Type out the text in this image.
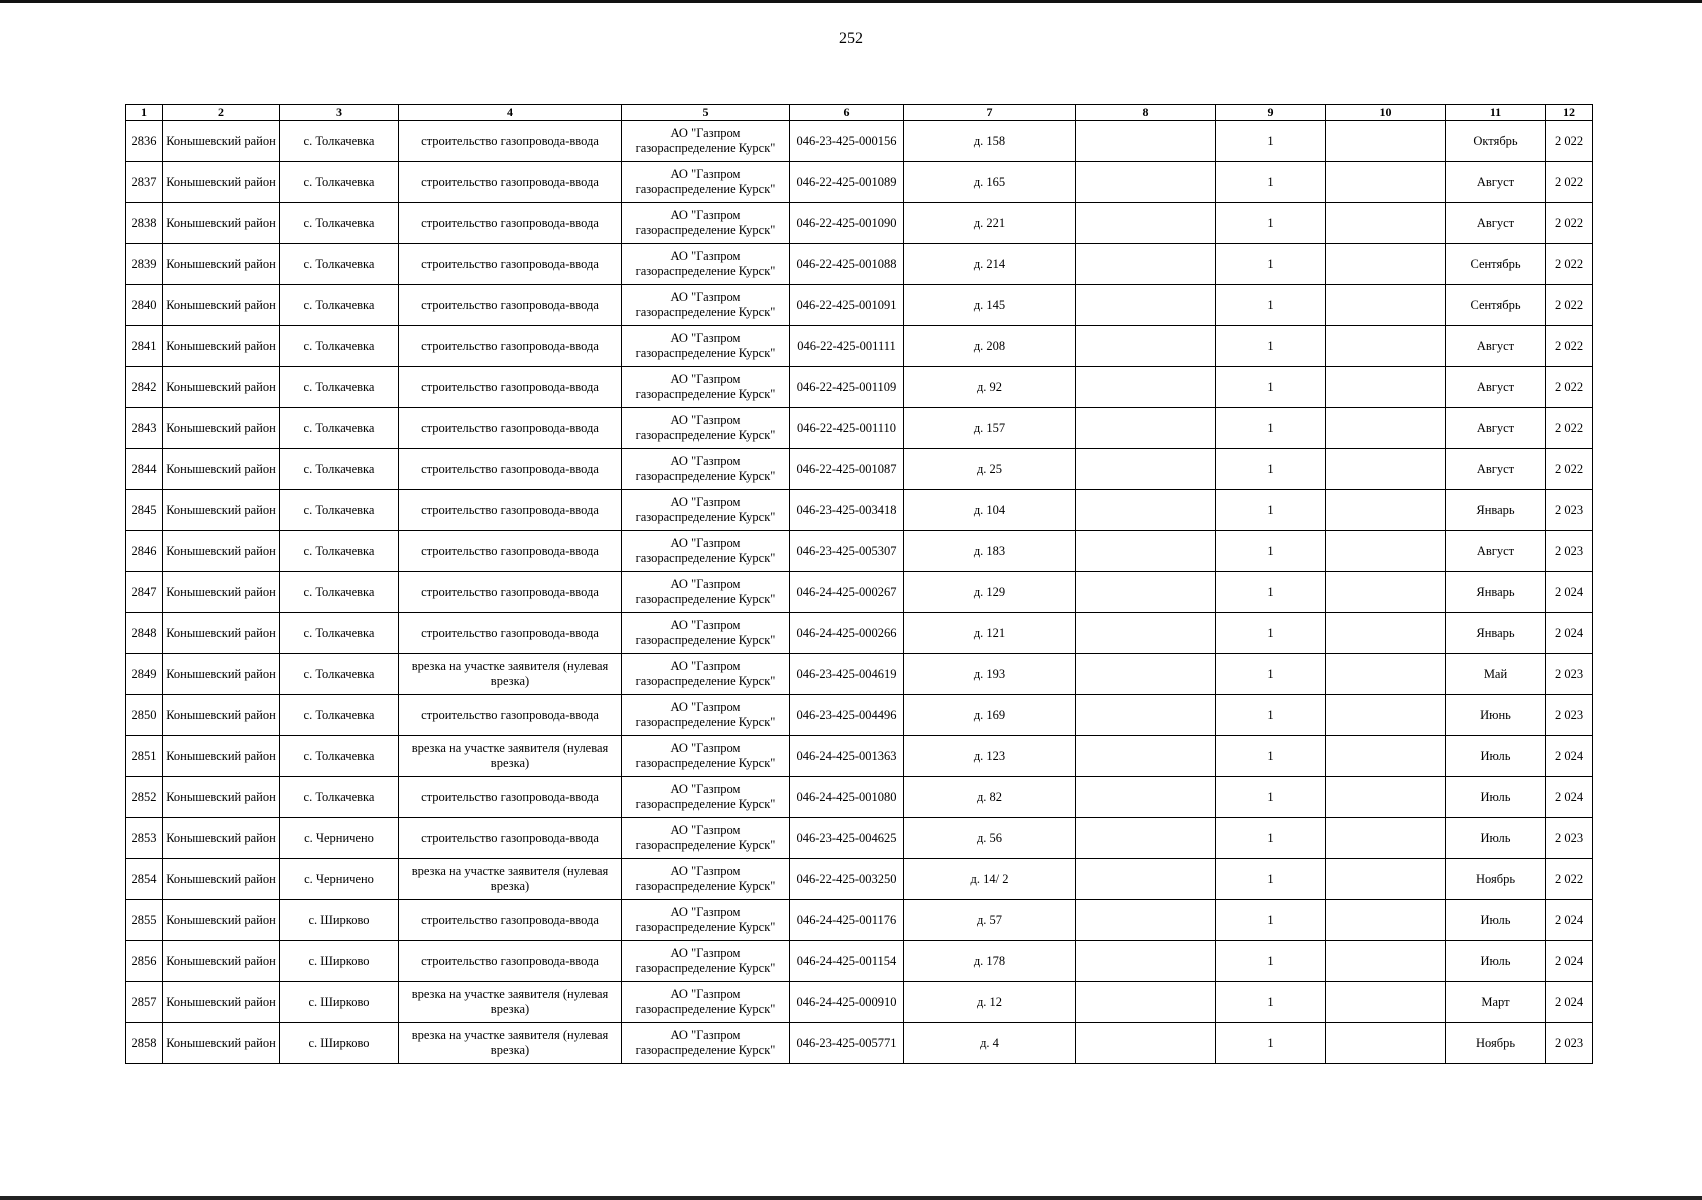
252
1	2	3	4	5	6	7	8	9	10	11	12
2836	Конышевский район	с. Толкачевка	строительство газопровода-ввода	АО "Газпром газораспределение Курск"	046-23-425-000156	д. 158		1		Октябрь	2 022
2837	Конышевский район	с. Толкачевка	строительство газопровода-ввода	АО "Газпром газораспределение Курск"	046-22-425-001089	д. 165		1		Август	2 022
2838	Конышевский район	с. Толкачевка	строительство газопровода-ввода	АО "Газпром газораспределение Курск"	046-22-425-001090	д. 221		1		Август	2 022
2839	Конышевский район	с. Толкачевка	строительство газопровода-ввода	АО "Газпром газораспределение Курск"	046-22-425-001088	д. 214		1		Сентябрь	2 022
2840	Конышевский район	с. Толкачевка	строительство газопровода-ввода	АО "Газпром газораспределение Курск"	046-22-425-001091	д. 145		1		Сентябрь	2 022
2841	Конышевский район	с. Толкачевка	строительство газопровода-ввода	АО "Газпром газораспределение Курск"	046-22-425-001111	д. 208		1		Август	2 022
2842	Конышевский район	с. Толкачевка	строительство газопровода-ввода	АО "Газпром газораспределение Курск"	046-22-425-001109	д. 92		1		Август	2 022
2843	Конышевский район	с. Толкачевка	строительство газопровода-ввода	АО "Газпром газораспределение Курск"	046-22-425-001110	д. 157		1		Август	2 022
2844	Конышевский район	с. Толкачевка	строительство газопровода-ввода	АО "Газпром газораспределение Курск"	046-22-425-001087	д. 25		1		Август	2 022
2845	Конышевский район	с. Толкачевка	строительство газопровода-ввода	АО "Газпром газораспределение Курск"	046-23-425-003418	д. 104		1		Январь	2 023
2846	Конышевский район	с. Толкачевка	строительство газопровода-ввода	АО "Газпром газораспределение Курск"	046-23-425-005307	д. 183		1		Август	2 023
2847	Конышевский район	с. Толкачевка	строительство газопровода-ввода	АО "Газпром газораспределение Курск"	046-24-425-000267	д. 129		1		Январь	2 024
2848	Конышевский район	с. Толкачевка	строительство газопровода-ввода	АО "Газпром газораспределение Курск"	046-24-425-000266	д. 121		1		Январь	2 024
2849	Конышевский район	с. Толкачевка	врезка на участке заявителя (нулевая врезка)	АО "Газпром газораспределение Курск"	046-23-425-004619	д. 193		1		Май	2 023
2850	Конышевский район	с. Толкачевка	строительство газопровода-ввода	АО "Газпром газораспределение Курск"	046-23-425-004496	д. 169		1		Июнь	2 023
2851	Конышевский район	с. Толкачевка	врезка на участке заявителя (нулевая врезка)	АО "Газпром газораспределение Курск"	046-24-425-001363	д. 123		1		Июль	2 024
2852	Конышевский район	с. Толкачевка	строительство газопровода-ввода	АО "Газпром газораспределение Курск"	046-24-425-001080	д. 82		1		Июль	2 024
2853	Конышевский район	с. Черничено	строительство газопровода-ввода	АО "Газпром газораспределение Курск"	046-23-425-004625	д. 56		1		Июль	2 023
2854	Конышевский район	с. Черничено	врезка на участке заявителя (нулевая врезка)	АО "Газпром газораспределение Курск"	046-22-425-003250	д. 14/ 2		1		Ноябрь	2 022
2855	Конышевский район	с. Ширково	строительство газопровода-ввода	АО "Газпром газораспределение Курск"	046-24-425-001176	д. 57		1		Июль	2 024
2856	Конышевский район	с. Ширково	строительство газопровода-ввода	АО "Газпром газораспределение Курск"	046-24-425-001154	д. 178		1		Июль	2 024
2857	Конышевский район	с. Ширково	врезка на участке заявителя (нулевая врезка)	АО "Газпром газораспределение Курск"	046-24-425-000910	д. 12		1		Март	2 024
2858	Конышевский район	с. Ширково	врезка на участке заявителя (нулевая врезка)	АО "Газпром газораспределение Курск"	046-23-425-005771	д. 4		1		Ноябрь	2 023
